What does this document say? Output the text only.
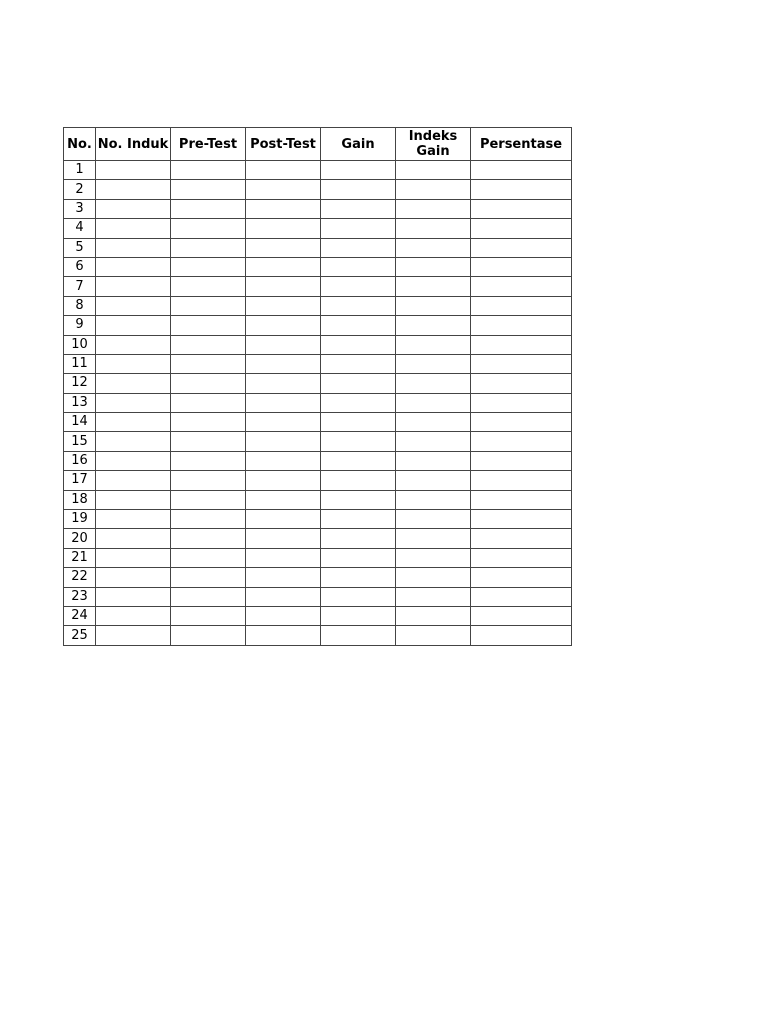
No.	No. Induk	Pre-Test	Post-Test	Gain	Indeks Gain	Persentase
1						
2						
3						
4						
5						
6						
7						
8						
9						
10						
11						
12						
13						
14						
15						
16						
17						
18						
19						
20						
21						
22						
23						
24						
25						
